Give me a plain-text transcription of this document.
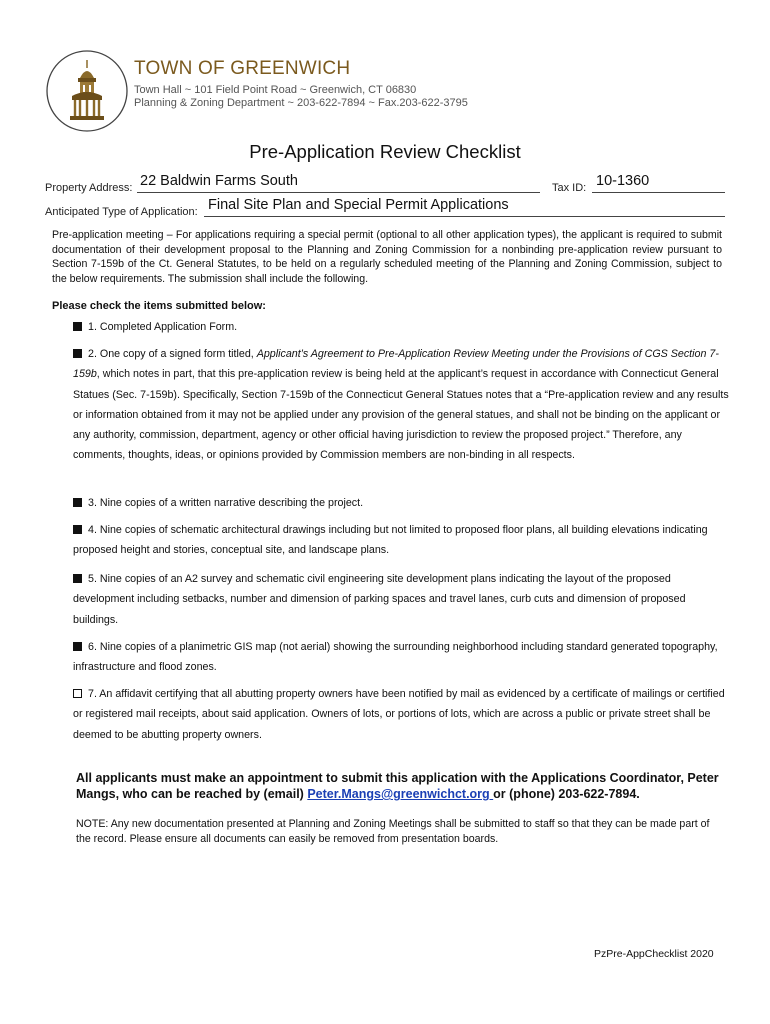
TOWN OF GREENWICH
Town Hall ~ 101 Field Point Road ~ Greenwich, CT 06830
Planning & Zoning Department ~ 203-622-7894 ~ Fax.203-622-3795
Pre-Application Review Checklist
Property Address: 22 Baldwin Farms South	Tax ID: 10-1360
Anticipated Type of Application: Final Site Plan and Special Permit Applications
Pre-application meeting – For applications requiring a special permit (optional to all other application types), the applicant is required to submit documentation of their development proposal to the Planning and Zoning Commission for a nonbinding pre-application review pursuant to Section 7-159b of the Ct. General Statutes, to be held on a regularly scheduled meeting of the Planning and Zoning Commission, subject to the below requirements. The submission shall include the following.
Please check the items submitted below:
1. Completed Application Form.
2. One copy of a signed form titled, Applicant’s Agreement to Pre-Application Review Meeting under the Provisions of CGS Section 7-159b, which notes in part, that this pre-application review is being held at the applicant’s request in accordance with Connecticut General Statues (Sec. 7-159b). Specifically, Section 7-159b of the Connecticut General Statues notes that a “Pre-application review and any results or information obtained from it may not be applied under any provision of the general statues, and shall not be binding on the applicant or any authority, commission, department, agency or other official having jurisdiction to review the proposed project.” Therefore, any comments, thoughts, ideas, or opinions provided by Commission members are non-binding in all respects.
3. Nine copies of a written narrative describing the project.
4. Nine copies of schematic architectural drawings including but not limited to proposed floor plans, all building elevations indicating proposed height and stories, conceptual site, and landscape plans.
5. Nine copies of an A2 survey and schematic civil engineering site development plans indicating the layout of the proposed development including setbacks, number and dimension of parking spaces and travel lanes, curb cuts and dimension of proposed buildings.
6. Nine copies of a planimetric GIS map (not aerial) showing the surrounding neighborhood including standard generated topography, infrastructure and flood zones.
7. An affidavit certifying that all abutting property owners have been notified by mail as evidenced by a certificate of mailings or certified or registered mail receipts, about said application. Owners of lots, or portions of lots, which are across a public or private street shall be deemed to be abutting property owners.
All applicants must make an appointment to submit this application with the Applications Coordinator, Peter Mangs, who can be reached by (email) Peter.Mangs@greenwichct.org or (phone) 203-622-7894.
NOTE: Any new documentation presented at Planning and Zoning Meetings shall be submitted to staff so that they can be made part of the record. Please ensure all documents can easily be removed from presentation boards.
PzPre-AppChecklist 2020
